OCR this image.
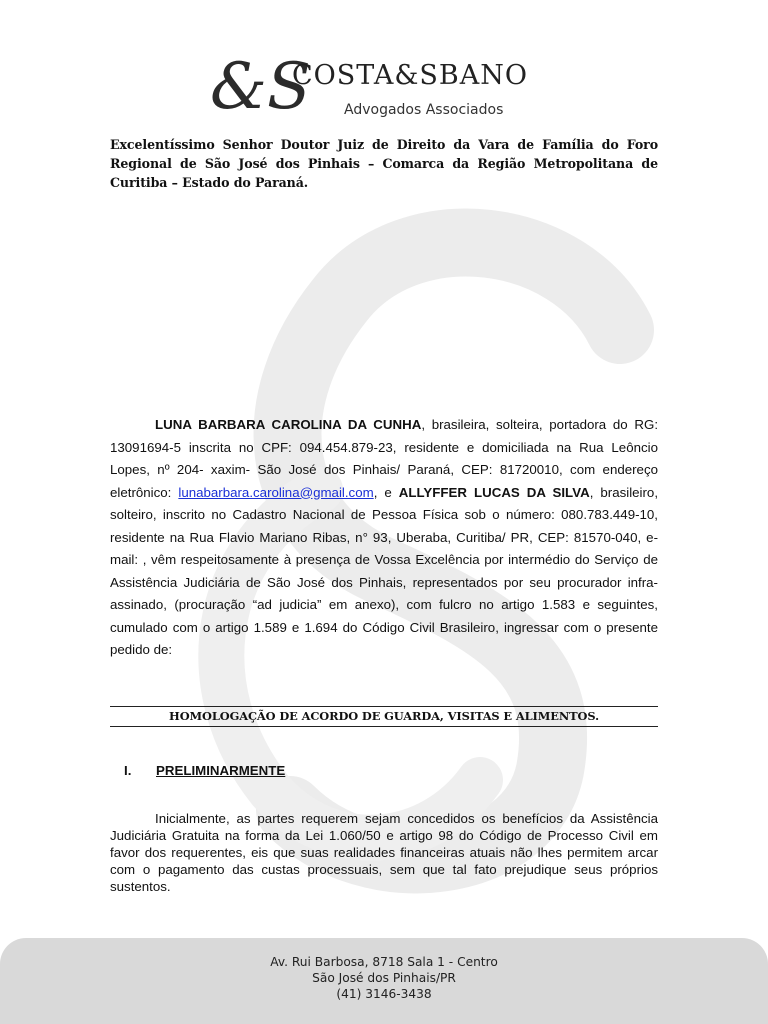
&S
COSTA&SBANO
Advogados Associados
Excelentíssimo Senhor Doutor Juiz de Direito da Vara de Família do Foro Regional de São José dos Pinhais – Comarca da Região Metropolitana de Curitiba – Estado do Paraná.
LUNA BARBARA CAROLINA DA CUNHA, brasileira, solteira, portadora do RG: 13091694-5 inscrita no CPF: 094.454.879-23, residente e domiciliada na Rua Leôncio Lopes, nº 204- xaxim- São José dos Pinhais/ Paraná, CEP: 81720010, com endereço eletrônico: lunabarbara.carolina@gmail.com, e ALLYFFER LUCAS DA SILVA, brasileiro, solteiro, inscrito no Cadastro Nacional de Pessoa Física sob o número: 080.783.449-10, residente na Rua Flavio Mariano Ribas, n° 93, Uberaba, Curitiba/ PR, CEP: 81570-040, e-mail: , vêm respeitosamente à presença de Vossa Excelência por intermédio do Serviço de Assistência Judiciária de São José dos Pinhais, representados por seu procurador infra-assinado, (procuração “ad judicia” em anexo), com fulcro no artigo 1.583 e seguintes, cumulado com o artigo 1.589 e 1.694 do Código Civil Brasileiro, ingressar com o presente pedido de:
HOMOLOGAÇÃO DE ACORDO DE GUARDA, VISITAS E ALIMENTOS.
I. PRELIMINARMENTE
Inicialmente, as partes requerem sejam concedidos os benefícios da Assistência Judiciária Gratuita na forma da Lei 1.060/50 e artigo 98 do Código de Processo Civil em favor dos requerentes, eis que suas realidades financeiras atuais não lhes permitem arcar com o pagamento das custas processuais, sem que tal fato prejudique seus próprios sustentos.
Av. Rui Barbosa, 8718 Sala 1 - Centro
São José dos Pinhais/PR
(41) 3146-3438
